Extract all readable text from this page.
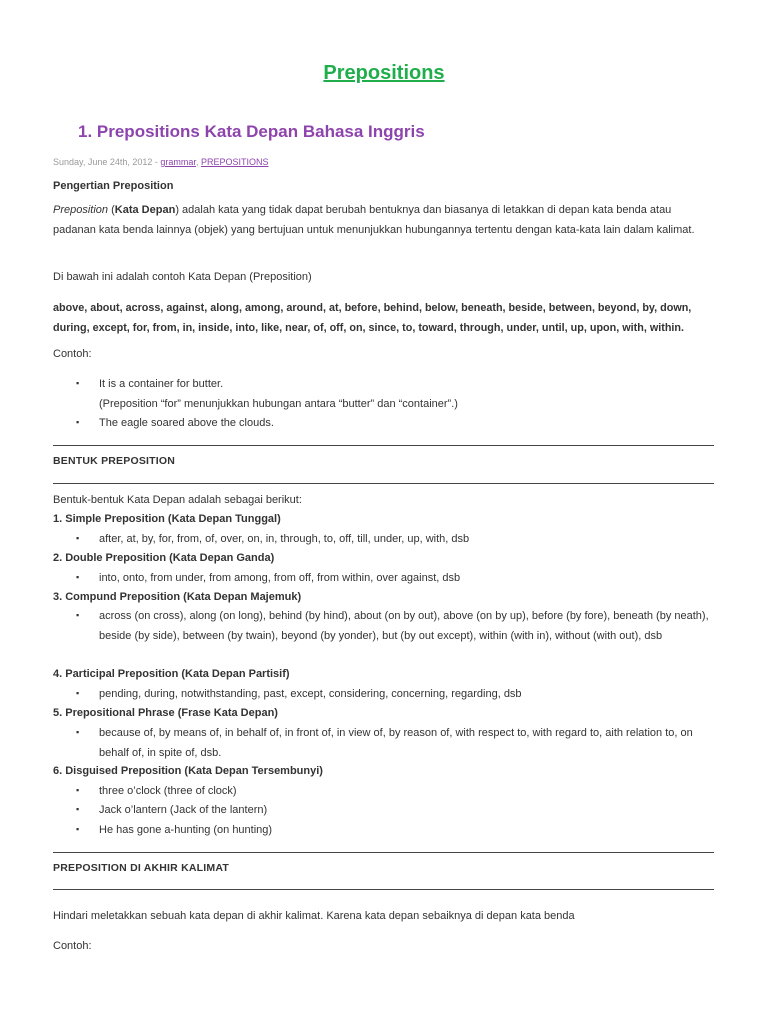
Prepositions
1. Prepositions Kata Depan Bahasa Inggris
Sunday, June 24th, 2012 - grammar, PREPOSITIONS
Pengertian Preposition
Preposition (Kata Depan) adalah kata yang tidak dapat berubah bentuknya dan biasanya di letakkan di depan kata benda atau padanan kata benda lainnya (objek) yang bertujuan untuk menunjukkan hubungannya tertentu dengan kata-kata lain dalam kalimat.
Di bawah ini adalah contoh Kata Depan (Preposition)
above, about, across, against, along, among, around, at, before, behind, below, beneath, beside, between, beyond, by, down, during, except, for, from, in, inside, into, like, near, of, off, on, since, to, toward, through, under, until, up, upon, with, within.
Contoh:
▪ It is a container for butter.
(Preposition “for” menunjukkan hubungan antara “butter” dan “container”.)
▪ The eagle soared above the clouds.
BENTUK PREPOSITION
Bentuk-bentuk Kata Depan adalah sebagai berikut:
1. Simple Preposition (Kata Depan Tunggal)
▪ after, at, by, for, from, of, over, on, in, through, to, off, till, under, up, with, dsb
2. Double Preposition (Kata Depan Ganda)
▪ into, onto, from under, from among, from off, from within, over against, dsb
3. Compund Preposition (Kata Depan Majemuk)
▪ across (on cross), along (on long), behind (by hind), about (on by out), above (on by up), before (by fore), beneath (by neath), beside (by side), between (by twain), beyond (by yonder), but (by out except), within (with in), without (with out), dsb
4. Participal Preposition (Kata Depan Partisif)
▪ pending, during, notwithstanding, past, except, considering, concerning, regarding, dsb
5. Prepositional Phrase (Frase Kata Depan)
▪ because of, by means of, in behalf of, in front of, in view of, by reason of, with respect to, with regard to, aith relation to, on behalf of, in spite of, dsb.
6. Disguised Preposition (Kata Depan Tersembunyi)
▪ three o’clock (three of clock)
▪ Jack o’lantern (Jack of the lantern)
▪ He has gone a-hunting (on hunting)
PREPOSITION DI AKHIR KALIMAT
Hindari meletakkan sebuah kata depan di akhir kalimat. Karena kata depan sebaiknya di depan kata benda
Contoh:
